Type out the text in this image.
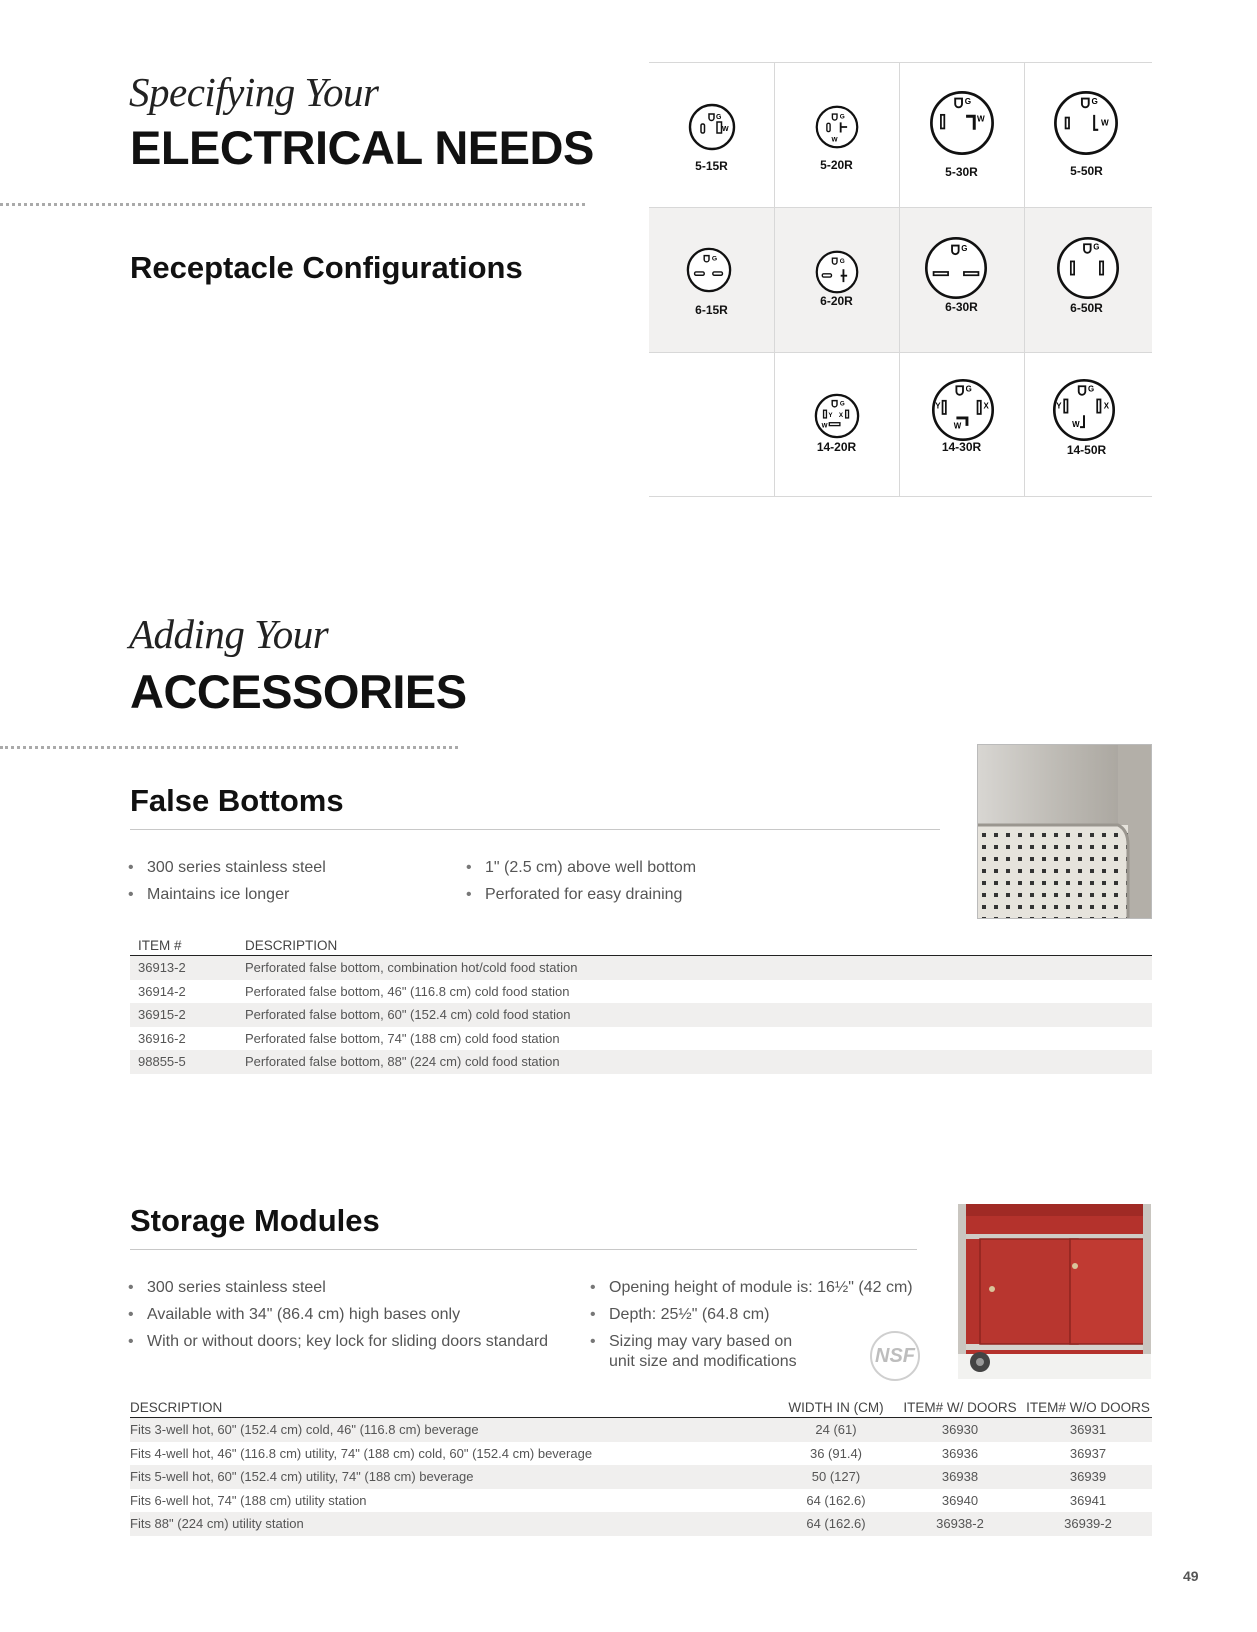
Specifying Your
ELECTRICAL NEEDS
Receptacle Configurations
G
W
5-15R
G
W
5-20R
G
W
5-30R
G
W
5-50R
G
6-15R
G
6-20R
G
6-30R
G
6-50R
G
Y X
W
14-20R
G
Y	X
W
14-30R
G
Y	X
W
14-50R
Adding Your
ACCESSORIES
False Bottoms
• 300 series stainless steel
• Maintains ice longer
• 1" (2.5 cm) above well bottom
• Perforated for easy draining
ITEM #	DESCRIPTION
36913-2	Perforated false bottom, combination hot/cold food station
36914-2	Perforated false bottom, 46" (116.8 cm) cold food station
36915-2	Perforated false bottom, 60" (152.4 cm) cold food station
36916-2	Perforated false bottom, 74" (188 cm) cold food station
98855-5	Perforated false bottom, 88" (224 cm) cold food station
Storage Modules
• 300 series stainless steel
• Available with 34" (86.4 cm) high bases only
• With or without doors; key lock for sliding doors standard
• Opening height of module is: 16½" (42 cm)
• Depth: 25½" (64.8 cm)
• Sizing may vary based on unit size and modifications	NSF
DESCRIPTION	WIDTH IN (CM)	ITEM# W/ DOORS	ITEM# W/O DOORS
Fits 3-well hot, 60" (152.4 cm) cold, 46" (116.8 cm) beverage	24 (61)	36930	36931
Fits 4-well hot, 46" (116.8 cm) utility, 74" (188 cm) cold, 60" (152.4 cm) beverage	36 (91.4)	36936	36937
Fits 5-well hot, 60" (152.4 cm) utility, 74" (188 cm) beverage	50 (127)	36938	36939
Fits 6-well hot, 74" (188 cm) utility station	64 (162.6)	36940	36941
Fits 88" (224 cm) utility station	64 (162.6)	36938-2	36939-2
49
